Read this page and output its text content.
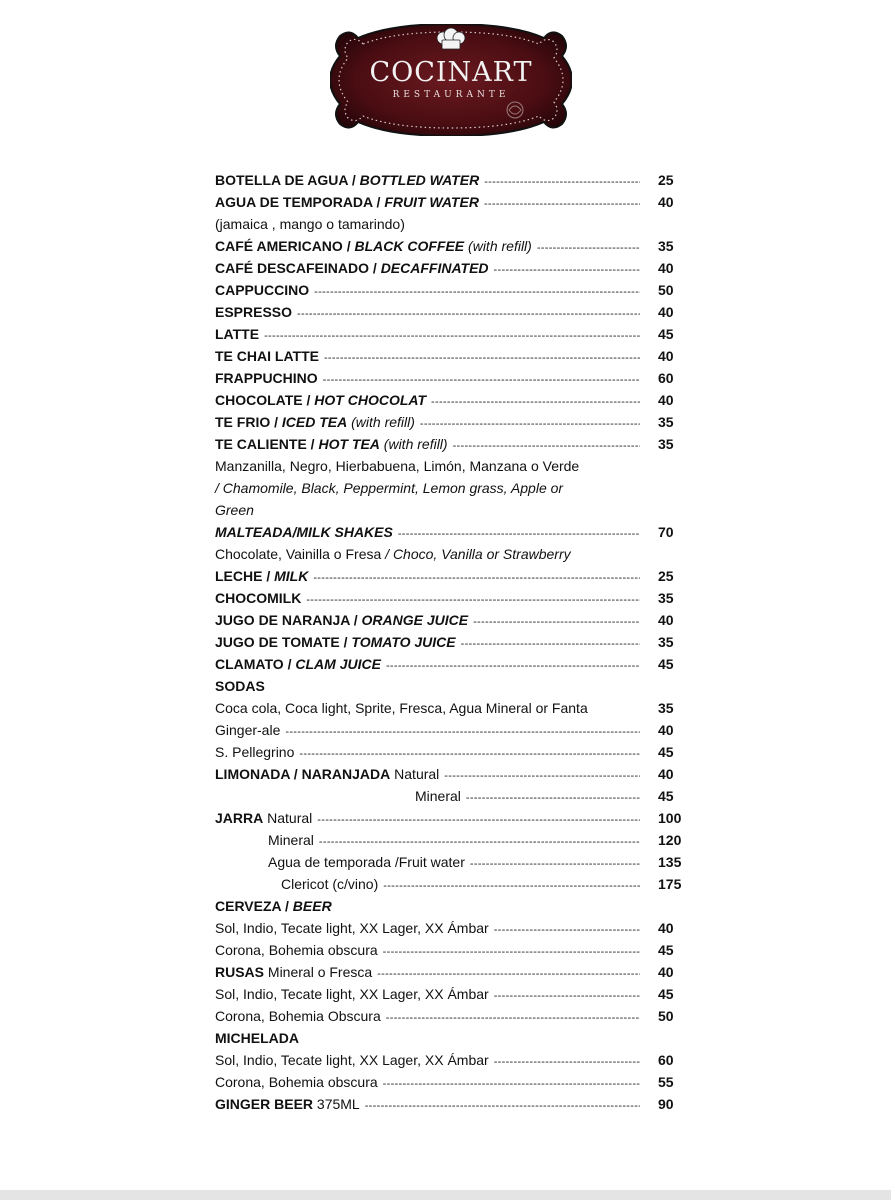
COCINART
RESTAURANTE
BOTELLA DE AGUA / BOTTLED WATER -----	25
AGUA DE TEMPORADA / FRUIT WATER -----	40
(jamaica , mango o tamarindo)
CAFÉ AMERICANO / BLACK COFFEE (with refill) -----	35
CAFÉ DESCAFEINADO / DECAFFINATED -----	40
CAPPUCCINO -----	50
ESPRESSO -----	40
LATTE -----	45
TE CHAI LATTE -----	40
FRAPPUCHINO -----	60
CHOCOLATE / HOT CHOCOLAT -----	40
TE FRIO / ICED TEA (with refill) -----	35
TE CALIENTE / HOT TEA (with refill) -----	35
Manzanilla, Negro, Hierbabuena, Limón, Manzana o Verde
/ Chamomile, Black, Peppermint, Lemon grass, Apple or
Green
MALTEADA/MILK SHAKES -----	70
Chocolate, Vainilla o Fresa / Choco, Vanilla or Strawberry
LECHE / MILK -----	25
CHOCOMILK -----	35
JUGO DE NARANJA / ORANGE JUICE -----	40
JUGO DE TOMATE / TOMATO JUICE -----	35
CLAMATO / CLAM JUICE -----	45
SODAS
Coca cola, Coca light, Sprite, Fresca, Agua Mineral or Fanta	35
Ginger-ale -----	40
S. Pellegrino -----	45
LIMONADA / NARANJADA Natural -----	40
Mineral -----	45
JARRA Natural -----	100
Mineral -----	120
Agua de temporada /Fruit water -----	135
Clericot (c/vino) -----	175
CERVEZA / BEER
Sol, Indio, Tecate light, XX Lager, XX Ámbar -----	40
Corona, Bohemia obscura -----	45
RUSAS Mineral o Fresca -----	40
Sol, Indio, Tecate light, XX Lager, XX Ámbar -----	45
Corona, Bohemia Obscura -----	50
MICHELADA
Sol, Indio, Tecate light, XX Lager, XX Ámbar -----	60
Corona, Bohemia obscura -----	55
GINGER BEER 375ML -----	90
